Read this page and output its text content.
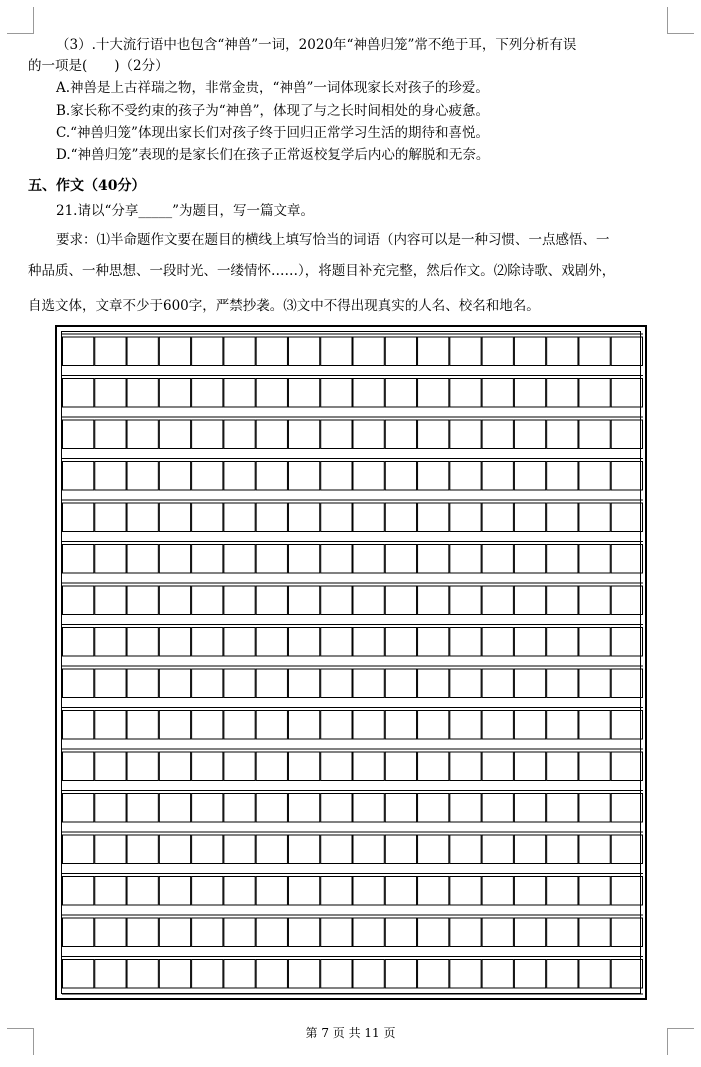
（3）.十大流行语中也包含“神兽”一词，2020年“神兽归笼”常不绝于耳，下列分析有误
的一项是(　　)（2分）
A.神兽是上古祥瑞之物，非常金贵，“神兽”一词体现家长对孩子的珍爱。
B.家长称不受约束的孩子为“神兽”，体现了与之长时间相处的身心疲惫。
C.“神兽归笼”体现出家长们对孩子终于回归正常学习生活的期待和喜悦。
D.“神兽归笼”表现的是家长们在孩子正常返校复学后内心的解脱和无奈。
五、作文（40分）
21.请以“分享_____”为题目，写一篇文章。
要求：⑴半命题作文要在题目的横线上填写恰当的词语（内容可以是一种习惯、一点感悟、一
种品质、一种思想、一段时光、一缕情怀……），将题目补充完整，然后作文。⑵除诗歌、戏剧外，
自选文体，文章不少于600字，严禁抄袭。⑶文中不得出现真实的人名、校名和地名。
第 7 页 共 11 页
